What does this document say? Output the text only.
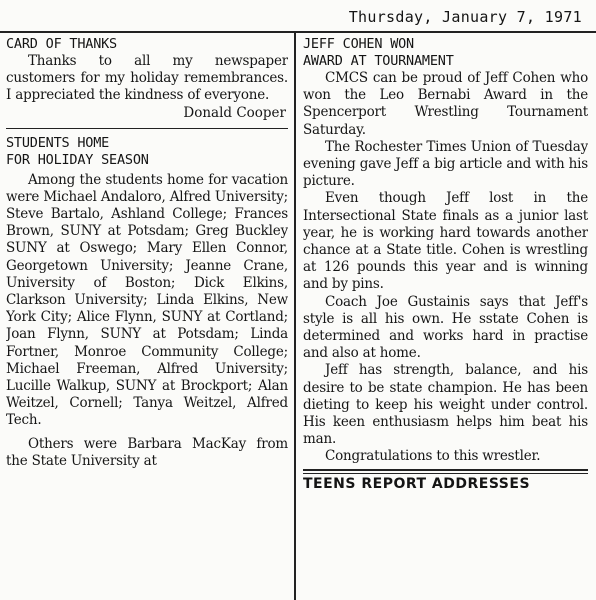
Thursday, January 7, 1971

CARD OF THANKS

Thanks to all my newspaper customers for my holiday remembrances. I appreciated the kindness of everyone.

Donald Cooper

STUDENTS HOME

FOR HOLIDAY SEASON

Among the students home for vacation were Michael Andaloro, Alfred University; Steve Bartalo, Ashland College; Frances Brown, SUNY at Potsdam; Greg Buckley SUNY at Oswego; Mary Ellen Connor, Georgetown University; Jeanne Crane, University of Boston; Dick Elkins, Clarkson University; Linda Elkins, New York City; Alice Flynn, SUNY at Cortland; Joan Flynn, SUNY at Potsdam; Linda Fortner, Monroe Community College; Michael Freeman, Alfred University; Lucille Walkup, SUNY at Brockport; Alan Weitzel, Cornell; Tanya Weitzel, Alfred Tech.

Others were Barbara MacKay from the State University at

JEFF COHEN WON

AWARD AT TOURNAMENT

CMCS can be proud of Jeff Cohen who won the Leo Bernabi Award in the Spencerport Wrestling Tournament Saturday.

The Rochester Times Union of Tuesday evening gave Jeff a big article and with his picture.

Even though Jeff lost in the Intersectional State finals as a junior last year, he is working hard towards another chance at a State title. Cohen is wrestling at 126 pounds this year and is winning and by pins.

Coach Joe Gustainis says that Jeff's style is all his own. He sstate Cohen is determined and works hard in practise and also at home.

Jeff has strength, balance, and his desire to be state champion. He has been dieting to keep his weight under control. His keen enthusiasm helps him beat his man.

Congratulations to this wrestler.

TEENS REPORT ADDRESSES
